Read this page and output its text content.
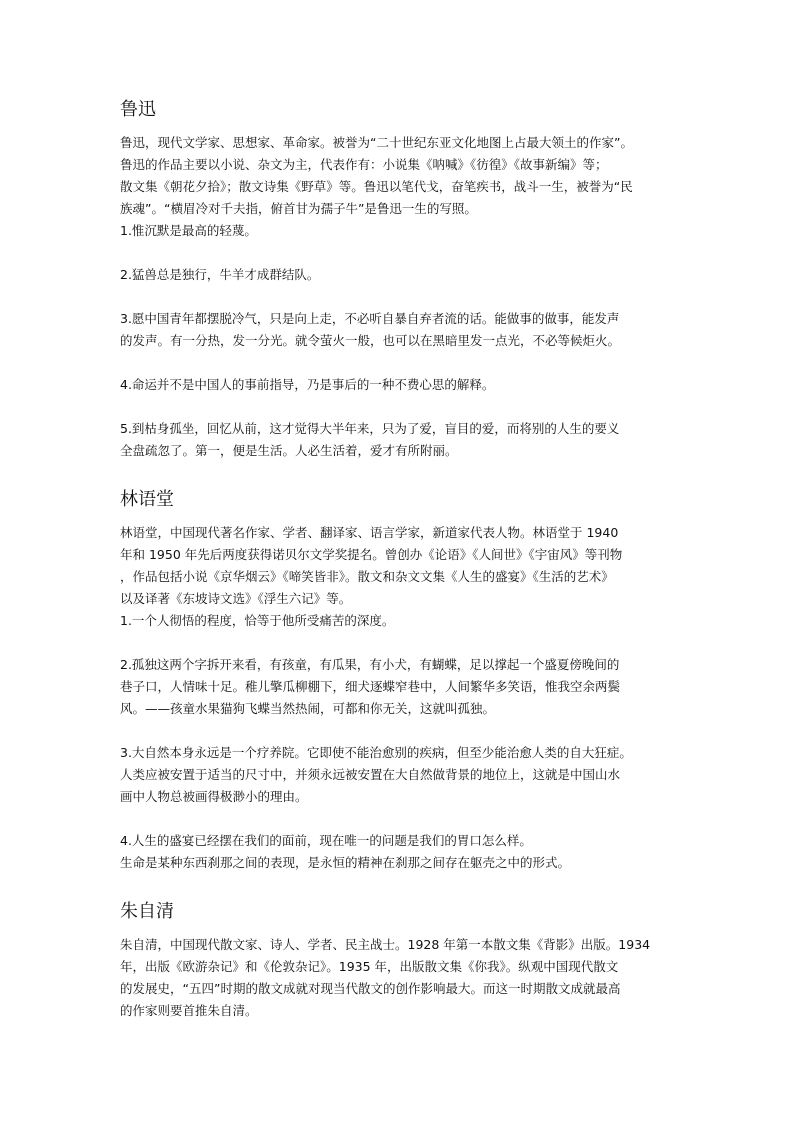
鲁迅

鲁迅，现代文学家、思想家、革命家。被誉为“二十世纪东亚文化地图上占最大领土的作家”。
鲁迅的作品主要以小说、杂文为主，代表作有：小说集《呐喊》《彷徨》《故事新编》等；
散文集《朝花夕拾》；散文诗集《野草》等。鲁迅以笔代戈，奋笔疾书，战斗一生，被誉为“民
族魂”。“横眉冷对千夫指，俯首甘为孺子牛”是鲁迅一生的写照。

1.惟沉默是最高的轻蔑。

2.猛兽总是独行，牛羊才成群结队。

3.愿中国青年都摆脱冷气，只是向上走，不必听自暴自弃者流的话。能做事的做事，能发声
的发声。有一分热，发一分光。就令萤火一般，也可以在黑暗里发一点光，不必等候炬火。

4.命运并不是中国人的事前指导，乃是事后的一种不费心思的解释。

5.到枯身孤坐，回忆从前，这才觉得大半年来，只为了爱，盲目的爱，而将别的人生的要义
全盘疏忽了。第一，便是生活。人必生活着，爱才有所附丽。

林语堂

林语堂，中国现代著名作家、学者、翻译家、语言学家，新道家代表人物。林语堂于 1940
年和 1950 年先后两度获得诺贝尔文学奖提名。曾创办《论语》《人间世》《宇宙风》等刊物
，作品包括小说《京华烟云》《啼笑皆非》。散文和杂文文集《人生的盛宴》《生活的艺术》
以及译著《东坡诗文选》《浮生六记》等。

1.一个人彻悟的程度，恰等于他所受痛苦的深度。

2.孤独这两个字拆开来看，有孩童，有瓜果，有小犬，有蝴蝶，足以撑起一个盛夏傍晚间的
巷子口，人情味十足。稚儿擎瓜柳棚下，细犬逐蝶窄巷中，人间繁华多笑语，惟我空余两鬓
风。——孩童水果猫狗飞蝶当然热闹，可都和你无关，这就叫孤独。

3.大自然本身永远是一个疗养院。它即使不能治愈别的疾病，但至少能治愈人类的自大狂症。
人类应被安置于适当的尺寸中，并须永远被安置在大自然做背景的地位上，这就是中国山水
画中人物总被画得极渺小的理由。

4.人生的盛宴已经摆在我们的面前，现在唯一的问题是我们的胃口怎么样。
生命是某种东西刹那之间的表现，是永恒的精神在刹那之间存在躯壳之中的形式。

朱自清

朱自清，中国现代散文家、诗人、学者、民主战士。1928 年第一本散文集《背影》出版。1934
年，出版《欧游杂记》和《伦敦杂记》。1935 年，出版散文集《你我》。纵观中国现代散文
的发展史，“五四”时期的散文成就对现当代散文的创作影响最大。而这一时期散文成就最高
的作家则要首推朱自清。
